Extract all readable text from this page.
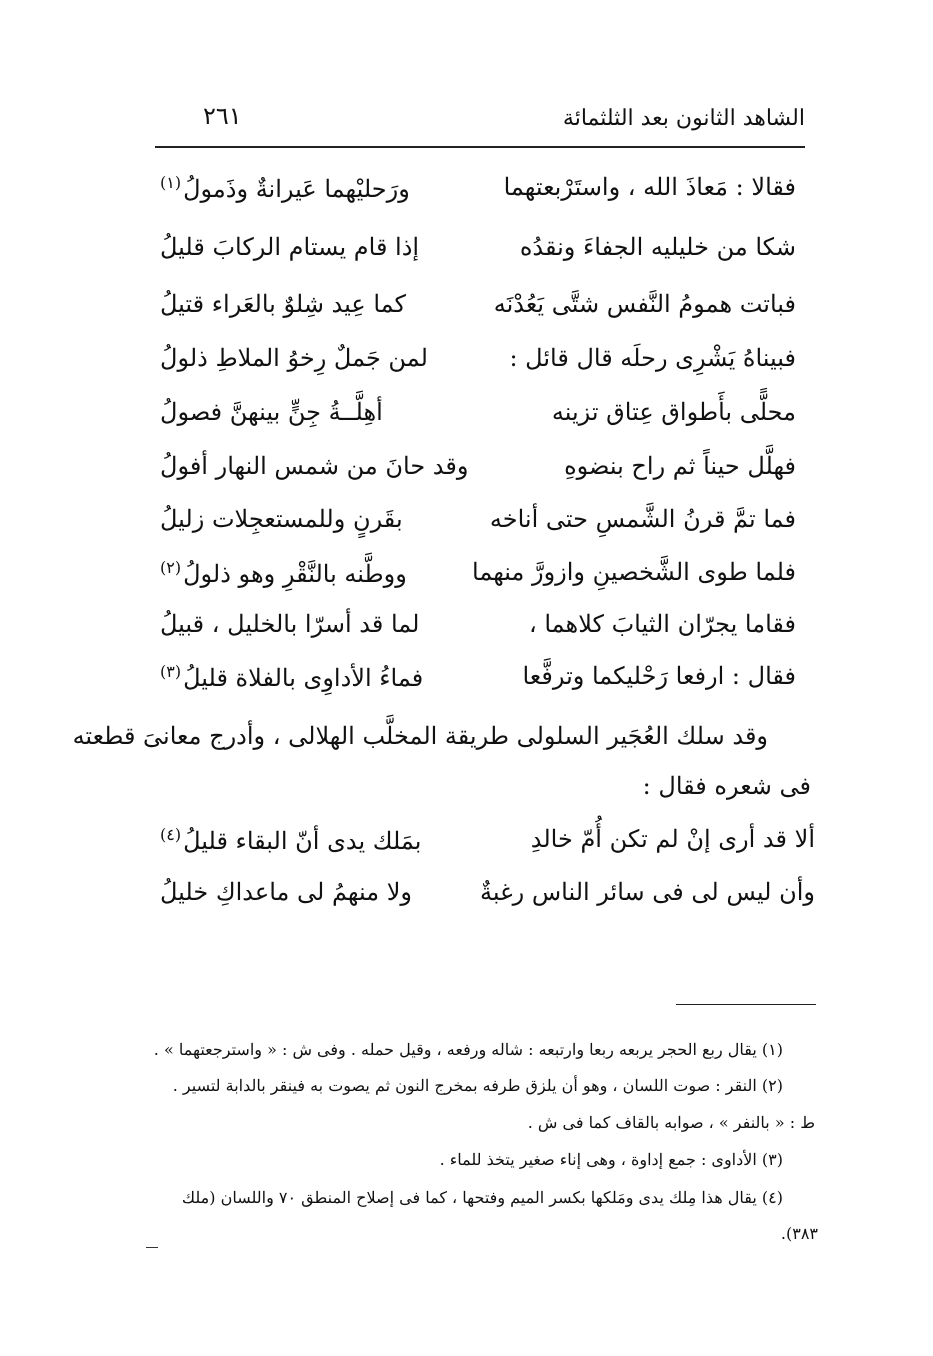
الشاهد الثانون بعد الثلثمائة
٢٦١
فقالا : مَعاذَ الله ، واستَرْبعتهما
ورَحليْهما عَيرانةٌ وذَمولُ$^{(١)}$
شكا من خليليه الجفاءَ ونقدُه
إذا قام يستام الركابَ قليلُ
فباتت همومُ النَّفس شتَّى يَعُدْنَه
كما عِيد شِلوٌ بالعَراء قتيلُ
فبيناهُ يَشْرِى رحلَه قال قائل :
لمن جَملٌ رِخوُ الملاطِ ذلولُ
محلًّى بأَطواق عِتاق تزينه
أهِلَّــةُ جِنٍّ بينهنَّ فصولُ
فهلَّل حيناً ثم راح بنضوهِ
وقد حانَ من شمس النهار أفولُ
فما تمَّ قرنُ الشَّمسِ حتى أناخه
بقَرنٍ وللمستعجِلات زليلُ
فلما طوى الشَّخصينِ وازورَّ منهما
ووطَّنه بالنَّقْرِ وهو ذلولُ$^{(٢)}$
فقاما يجرّان الثيابَ كلاهما ،
لما قد أسرّا بالخليل ، قبيلُ
فقال : ارفعا رَحْليكما وترفَّعا
فماءُ الأداوِى بالفلاة قليلُ$^{(٣)}$
وقد سلك العُجَير السلولى طريقة المخلَّب الهلالى ، وأدرج معانىَ قطعته
فى شعره فقال :
ألا قد أرى إنْ لم تكن أُمّ خالدِ
بمَلك يدى أنّ البقاء قليلُ$^{(٤)}$
وأن ليس لى فى سائر الناس رغبةٌ
ولا منهمُ لى ماعداكِ خليلُ
(١) يقال ربع الحجر يربعه ربعا وارتبعه : شاله ورفعه ، وقيل حمله . وفى ش : « واسترجعتهما » .
(٢) النقر : صوت اللسان ، وهو أن يلزق طرفه بمخرج النون ثم يصوت به فينقر بالدابة لتسير .
ط : « بالنفر » ، صوابه بالقاف كما فى ش .
(٣) الأداوى : جمع إداوة ، وهى إناء صغير يتخذ للماء .
(٤) يقال هذا مِلك يدى ومَلكها بكسر الميم وفتحها ، كما فى إصلاح المنطق ٧٠ واللسان (ملك
٣٨٣).
